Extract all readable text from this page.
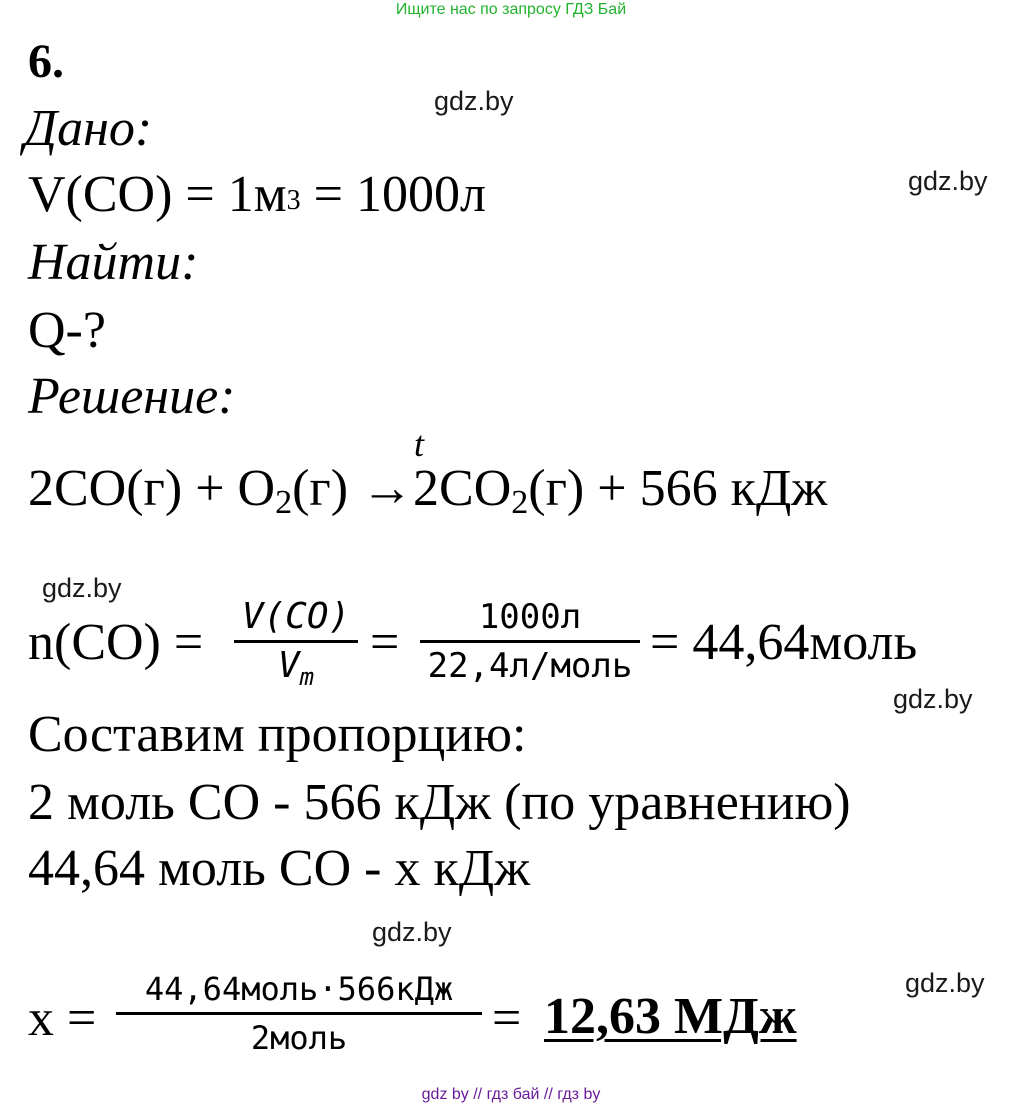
Ищите нас по запросу ГДЗ Бай
6.
gdz.by
gdz.by
gdz.by
gdz.by
gdz.by
gdz.by
Дано:
$V(CO) = 1м^3 = 1000л$
Найти:
Q-?
Решение:
t
$2CO(г) + O_2(г) \to 2CO_2(г) + 566$ кДж
n(CO) = V(CO)
$V_m$
= 1000л
22,4л/моль = 44,64моль
Составим пропорцию:
2 моль CO - 566 кДж (по уравнению)
44,64 моль CO - x кДж
x =
44,64моль·566кДж
2моль	= 12,63 МДж
gdz by // гдз бай // гдз by
